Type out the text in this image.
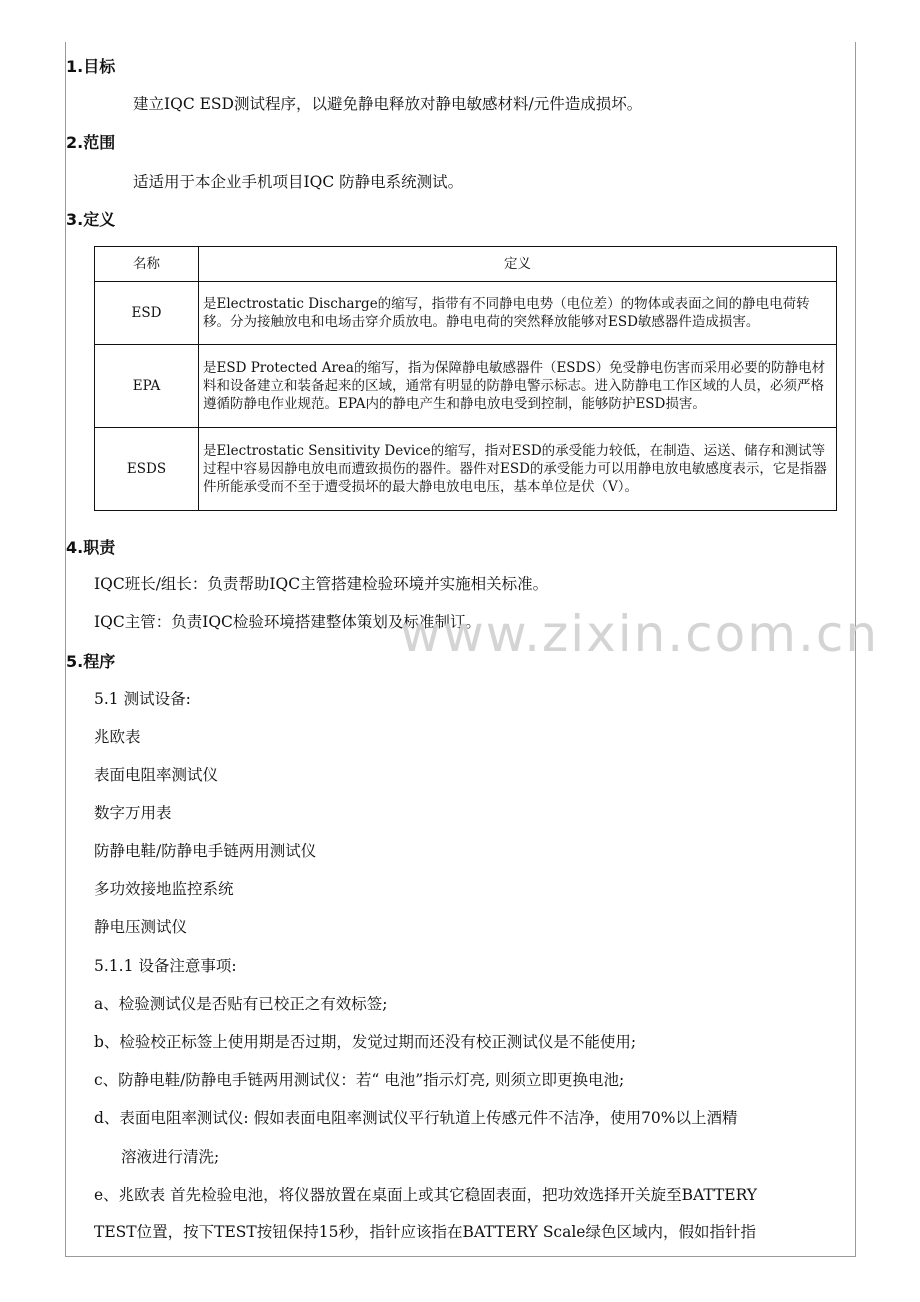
1.目标
建立IQC ESD测试程序，以避免静电释放对静电敏感材料/元件造成损坏。
2.范围
适适用于本企业手机项目IQC 防静电系统测试。
3.定义
名称	定义
ESD	是Electrostatic Discharge的缩写，指带有不同静电电势（电位差）的物体或表面之间的静电电荷转移。分为接触放电和电场击穿介质放电。静电电荷的突然释放能够对ESD敏感器件造成损害。
EPA	是ESD Protected Area的缩写，指为保障静电敏感器件（ESDS）免受静电伤害而采用必要的防静电材料和设备建立和装备起来的区域，通常有明显的防静电警示标志。进入防静电工作区域的人员，必须严格遵循防静电作业规范。EPA内的静电产生和静电放电受到控制，能够防护ESD损害。
ESDS	是Electrostatic Sensitivity Device的缩写，指对ESD的承受能力较低，在制造、运送、储存和测试等过程中容易因静电放电而遭致损伤的器件。器件对ESD的承受能力可以用静电放电敏感度表示，它是指器件所能承受而不至于遭受损坏的最大静电放电电压，基本单位是伏（V）。
4.职责
IQC班长/组长：负责帮助IQC主管搭建检验环境并实施相关标准。
IQC主管：负责IQC检验环境搭建整体策划及标准制订。
5.程序
5.1 测试设备:
兆欧表
表面电阻率测试仪
数字万用表
防静电鞋/防静电手链两用测试仪
多功效接地监控系统
静电压测试仪
5.1.1 设备注意事项:
a、检验测试仪是否贴有已校正之有效标签;
b、检验校正标签上使用期是否过期，发觉过期而还没有校正测试仪是不能使用;
c、防静电鞋/防静电手链两用测试仪：若“ 电池”指示灯亮, 则须立即更换电池;
d、表面电阻率测试仪: 假如表面电阻率测试仪平行轨道上传感元件不洁净，使用70%以上酒精
溶液进行清洗;
e、兆欧表 首先检验电池，将仪器放置在桌面上或其它稳固表面，把功效选择开关旋至BATTERY
TEST位置，按下TEST按钮保持15秒，指针应该指在BATTERY Scale绿色区域内，假如指针指
www.zixin.com.cn
